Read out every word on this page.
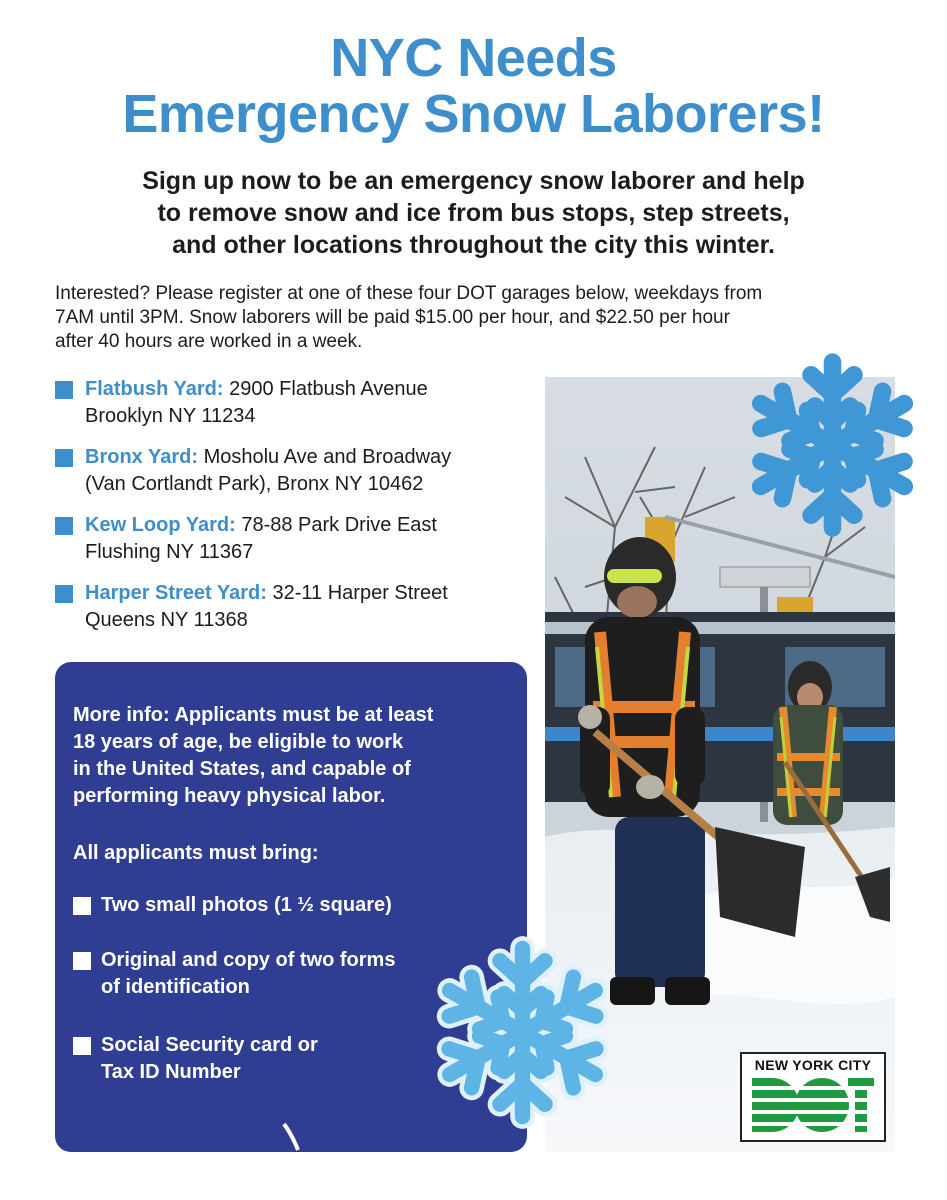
NYC Needs
Emergency Snow Laborers!
Sign up now to be an emergency snow laborer and help
to remove snow and ice from bus stops, step streets,
and other locations throughout the city this winter.
Interested? Please register at one of these four DOT garages below, weekdays from
7AM until 3PM. Snow laborers will be paid $15.00 per hour, and $22.50 per hour
after 40 hours are worked in a week.
Flatbush Yard: 2900 Flatbush Avenue
Brooklyn NY 11234
Bronx Yard: Mosholu Ave and Broadway
(Van Cortlandt Park), Bronx NY 10462
Kew Loop Yard: 78-88 Park Drive East
Flushing NY 11367
Harper Street Yard: 32-11 Harper Street
Queens NY 11368
More info: Applicants must be at least
18 years of age, be eligible to work
in the United States, and capable of
performing heavy physical labor.
All applicants must bring:
Two small photos (1 ½ square)
Original and copy of two forms
of identification
Social Security card or
Tax ID Number	NEW YORK CITY
